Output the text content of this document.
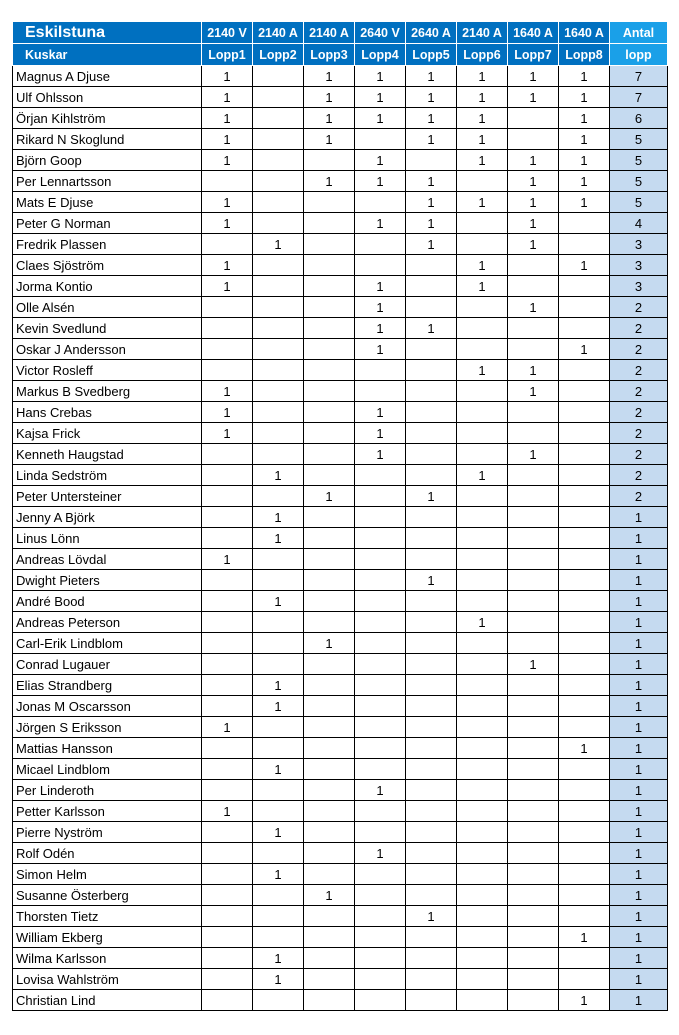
Eskilstuna	2140 V	2140 A	2140 A	2640 V	2640 A	2140 A	1640 A	1640 A	Antal
Kuskar	Lopp1	Lopp2	Lopp3	Lopp4	Lopp5	Lopp6	Lopp7	Lopp8	lopp
Magnus A Djuse	1		1	1	1	1	1	1	7
Ulf Ohlsson	1		1	1	1	1	1	1	7
Örjan Kihlström	1		1	1	1	1		1	6
Rikard N Skoglund	1		1		1	1		1	5
Björn Goop	1			1		1	1	1	5
Per Lennartsson			1	1	1		1	1	5
Mats E Djuse	1				1	1	1	1	5
Peter G Norman	1			1	1		1		4
Fredrik Plassen		1			1		1		3
Claes Sjöström	1					1		1	3
Jorma Kontio	1			1		1			3
Olle Alsén				1			1		2
Kevin Svedlund				1	1				2
Oskar J Andersson				1				1	2
Victor Rosleff						1	1		2
Markus B Svedberg	1						1		2
Hans Crebas	1			1					2
Kajsa Frick	1			1					2
Kenneth Haugstad				1			1		2
Linda Sedström		1				1			2
Peter Untersteiner			1		1				2
Jenny A Björk		1							1
Linus Lönn		1							1
Andreas Lövdal	1								1
Dwight Pieters					1				1
André Bood		1							1
Andreas Peterson						1			1
Carl-Erik Lindblom			1						1
Conrad Lugauer							1		1
Elias Strandberg		1							1
Jonas M Oscarsson		1							1
Jörgen S Eriksson	1								1
Mattias Hansson								1	1
Micael Lindblom		1							1
Per Linderoth				1					1
Petter Karlsson	1								1
Pierre Nyström		1							1
Rolf Odén				1					1
Simon Helm		1							1
Susanne Österberg			1						1
Thorsten Tietz					1				1
William Ekberg								1	1
Wilma Karlsson		1							1
Lovisa Wahlström		1							1
Christian Lind								1	1
